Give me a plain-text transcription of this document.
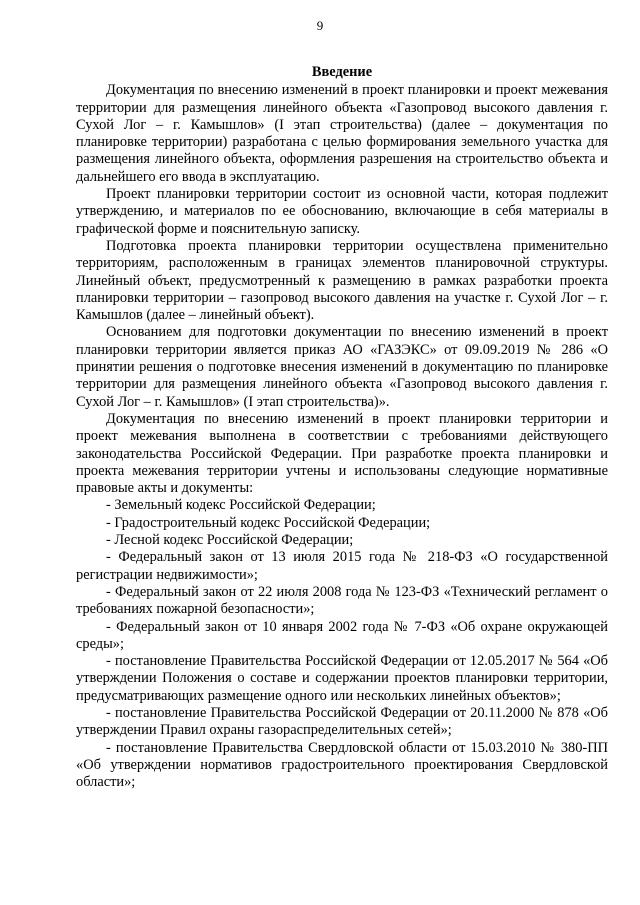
9
Введение

Документация по внесению изменений в проект планировки и проект межевания территории для размещения линейного объекта «Газопровод высокого давления г. Сухой Лог – г. Камышлов» (I этап строительства) (далее – документация по планировке территории) разработана с целью формирования земельного участка для размещения линейного объекта, оформления разрешения на строительство объекта и дальнейшего его ввода в эксплуатацию.

Проект планировки территории состоит из основной части, которая подлежит утверждению, и материалов по ее обоснованию, включающие в себя материалы в графической форме и пояснительную записку.

Подготовка проекта планировки территории осуществлена применительно территориям, расположенным в границах элементов планировочной структуры. Линейный объект, предусмотренный к размещению в рамках разработки проекта планировки территории – газопровод высокого давления на участке г. Сухой Лог – г. Камышлов (далее – линейный объект).

Основанием для подготовки документации по внесению изменений в проект планировки территории является приказ АО «ГАЗЭКС» от 09.09.2019 № 286 «О принятии решения о подготовке внесения изменений в документацию по планировке территории для размещения линейного объекта «Газопровод высокого давления г. Сухой Лог – г. Камышлов» (I этап строительства)».

Документация по внесению изменений в проект планировки территории и проект межевания выполнена в соответствии с требованиями действующего законодательства Российской Федерации. При разработке проекта планировки и проекта межевания территории учтены и использованы следующие нормативные правовые акты и документы:

- Земельный кодекс Российской Федерации;
- Градостроительный кодекс Российской Федерации;
- Лесной кодекс Российской Федерации;
- Федеральный закон от 13 июля 2015 года № 218-ФЗ «О государственной регистрации недвижимости»;
- Федеральный закон от 22 июля 2008 года № 123-ФЗ «Технический регламент о требованиях пожарной безопасности»;
- Федеральный закон от 10 января 2002 года № 7-ФЗ «Об охране окружающей среды»;
- постановление Правительства Российской Федерации от 12.05.2017 № 564 «Об утверждении Положения о составе и содержании проектов планировки территории, предусматривающих размещение одного или нескольких линейных объектов»;
- постановление Правительства Российской Федерации от 20.11.2000 № 878 «Об утверждении Правил охраны газораспределительных сетей»;
- постановление Правительства Свердловской области от 15.03.2010 № 380-ПП «Об утверждении нормативов градостроительного проектирования Свердловской области»;
